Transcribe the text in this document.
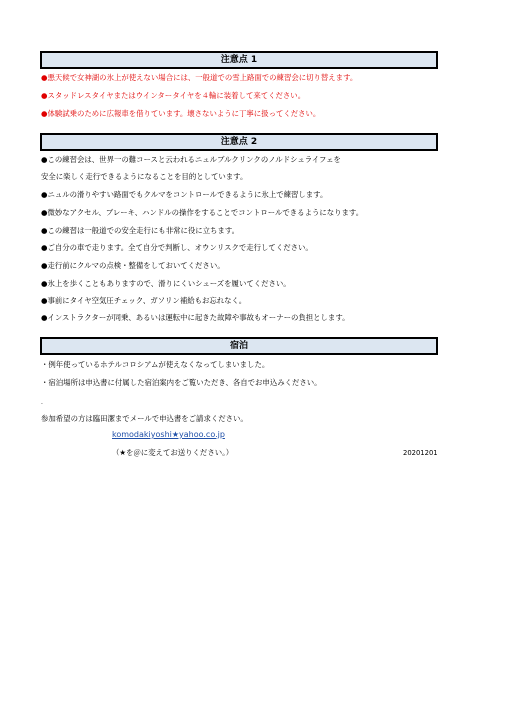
注意点 1
●悪天候で女神湖の氷上が使えない場合には、一般道での雪上路面での練習会に切り替えます。
●スタッドレスタイヤまたはウインタータイヤを４輪に装着して来てください。
●体験試乗のために広報車を借りています。壊さないように丁寧に扱ってください。
注意点 2
●この練習会は、世界一の難コースと云われるニュルブルクリンクのノルドシュライフェを
安全に楽しく走行できるようになることを目的としています。
●ニュルの滑りやすい路面でもクルマをコントロールできるように氷上で練習します。
●微妙なアクセル、ブレーキ、ハンドルの操作をすることでコントロールできるようになります。
●この練習は一般道での安全走行にも非常に役に立ちます。
●ご自分の車で走ります。全て自分で判断し、オウンリスクで走行してください。
●走行前にクルマの点検・整備をしておいてください。
●氷上を歩くこともありますので、滑りにくいシューズを履いてください。
●事前にタイヤ空気圧チェック、ガソリン補給もお忘れなく。
●インストラクターが同乗、あるいは運転中に起きた故障や事故もオーナーの負担とします。
宿泊
・例年使っているホテルコロシアムが使えなくなってしまいました。
・宿泊場所は申込書に付属した宿泊案内をご覧いただき、各自でお申込みください。
.
参加希望の方は臨田潔までメールで申込書をご請求ください。
komodakiyoshi★yahoo.co.jp
（★を＠に変えてお送りください。）	20201201
